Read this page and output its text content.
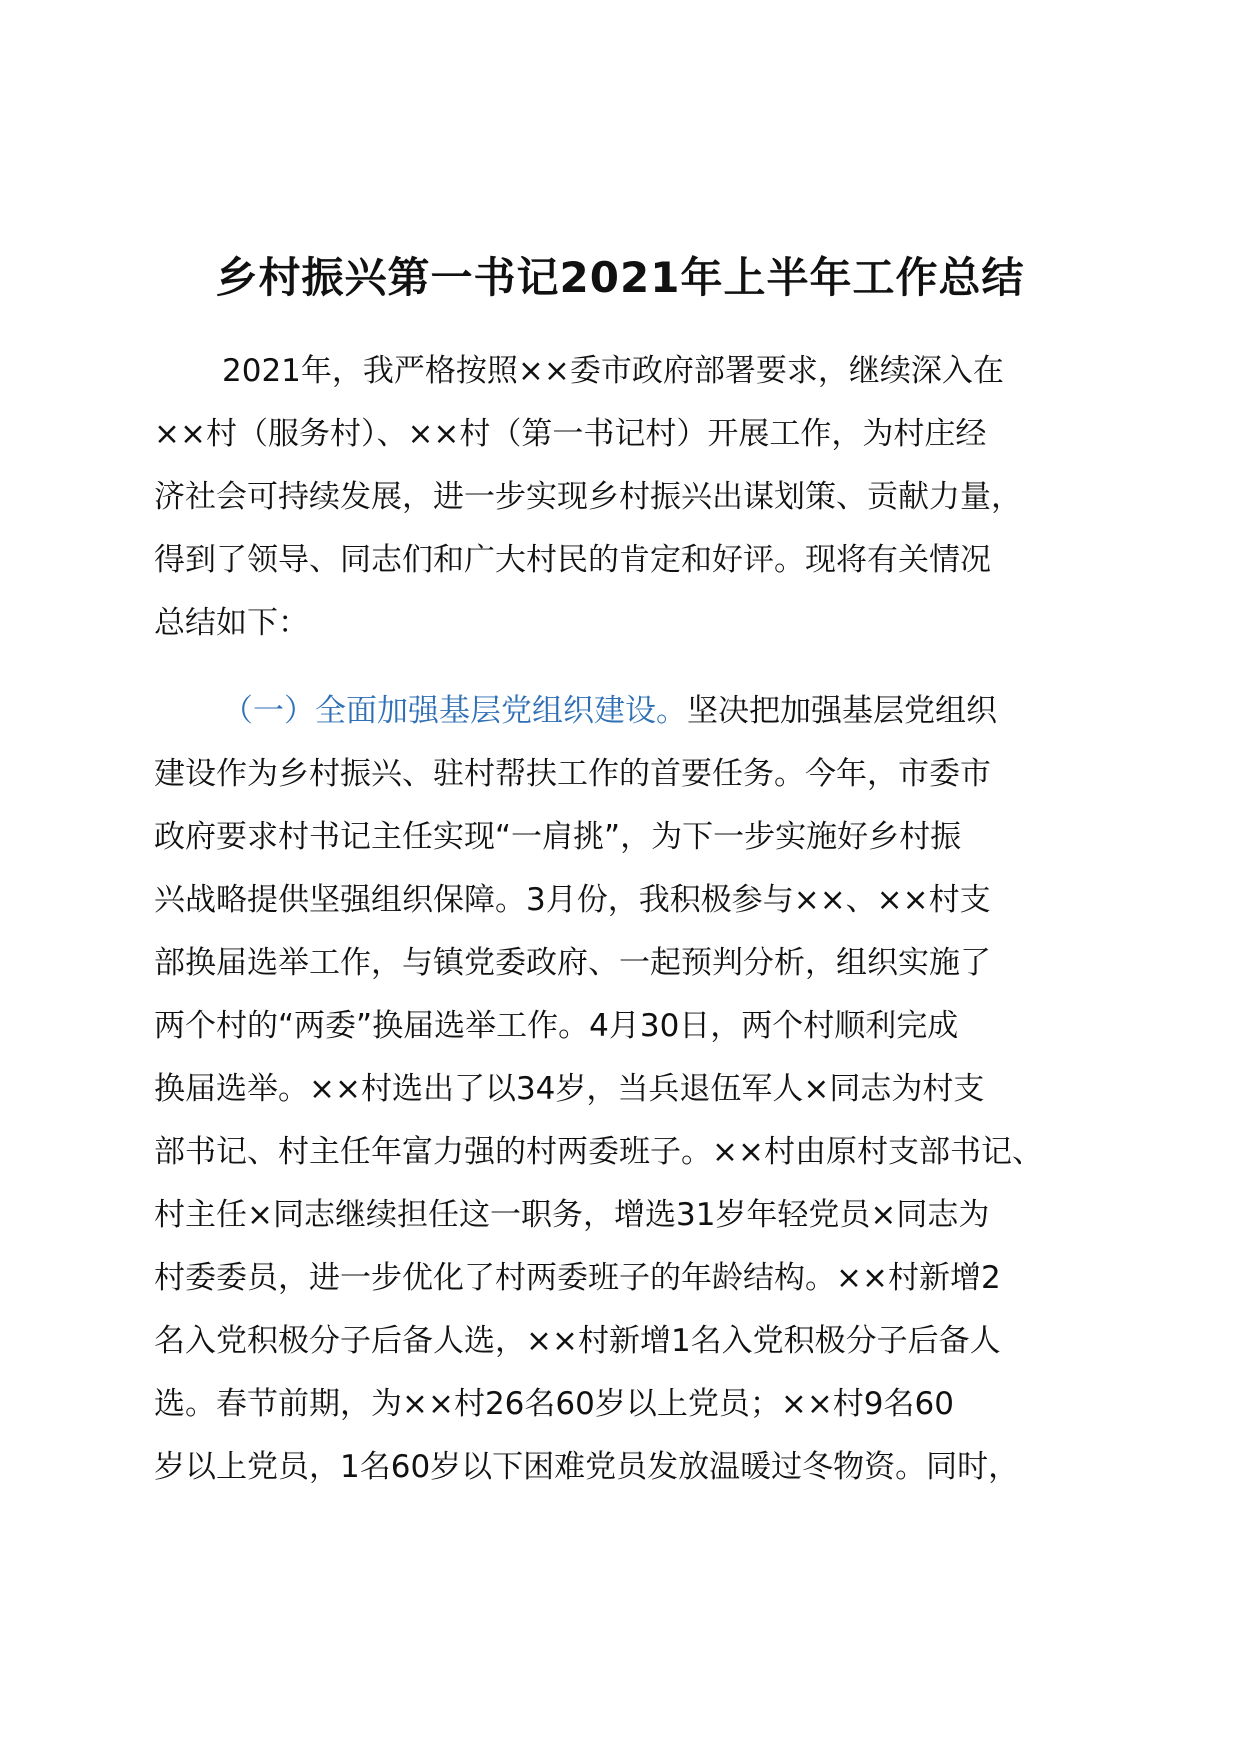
乡村振兴第一书记2021年上半年工作总结
2021年，我严格按照××委市政府部署要求，继续深入在
××村（服务村）、××村（第一书记村）开展工作，为村庄经
济社会可持续发展，进一步实现乡村振兴出谋划策、贡献力量，
得到了领导、同志们和广大村民的肯定和好评。现将有关情况
总结如下：
（一）全面加强基层党组织建设。坚决把加强基层党组织
建设作为乡村振兴、驻村帮扶工作的首要任务。今年，市委市
政府要求村书记主任实现“一肩挑”，为下一步实施好乡村振
兴战略提供坚强组织保障。3月份，我积极参与××、××村支
部换届选举工作，与镇党委政府、一起预判分析，组织实施了
两个村的“两委”换届选举工作。4月30日，两个村顺利完成
换届选举。××村选出了以34岁，当兵退伍军人×同志为村支
部书记、村主任年富力强的村两委班子。××村由原村支部书记、
村主任×同志继续担任这一职务，增选31岁年轻党员×同志为
村委委员，进一步优化了村两委班子的年龄结构。××村新增2
名入党积极分子后备人选，××村新增1名入党积极分子后备人
选。春节前期，为××村26名60岁以上党员；××村9名60
岁以上党员，1名60岁以下困难党员发放温暖过冬物资。同时，
